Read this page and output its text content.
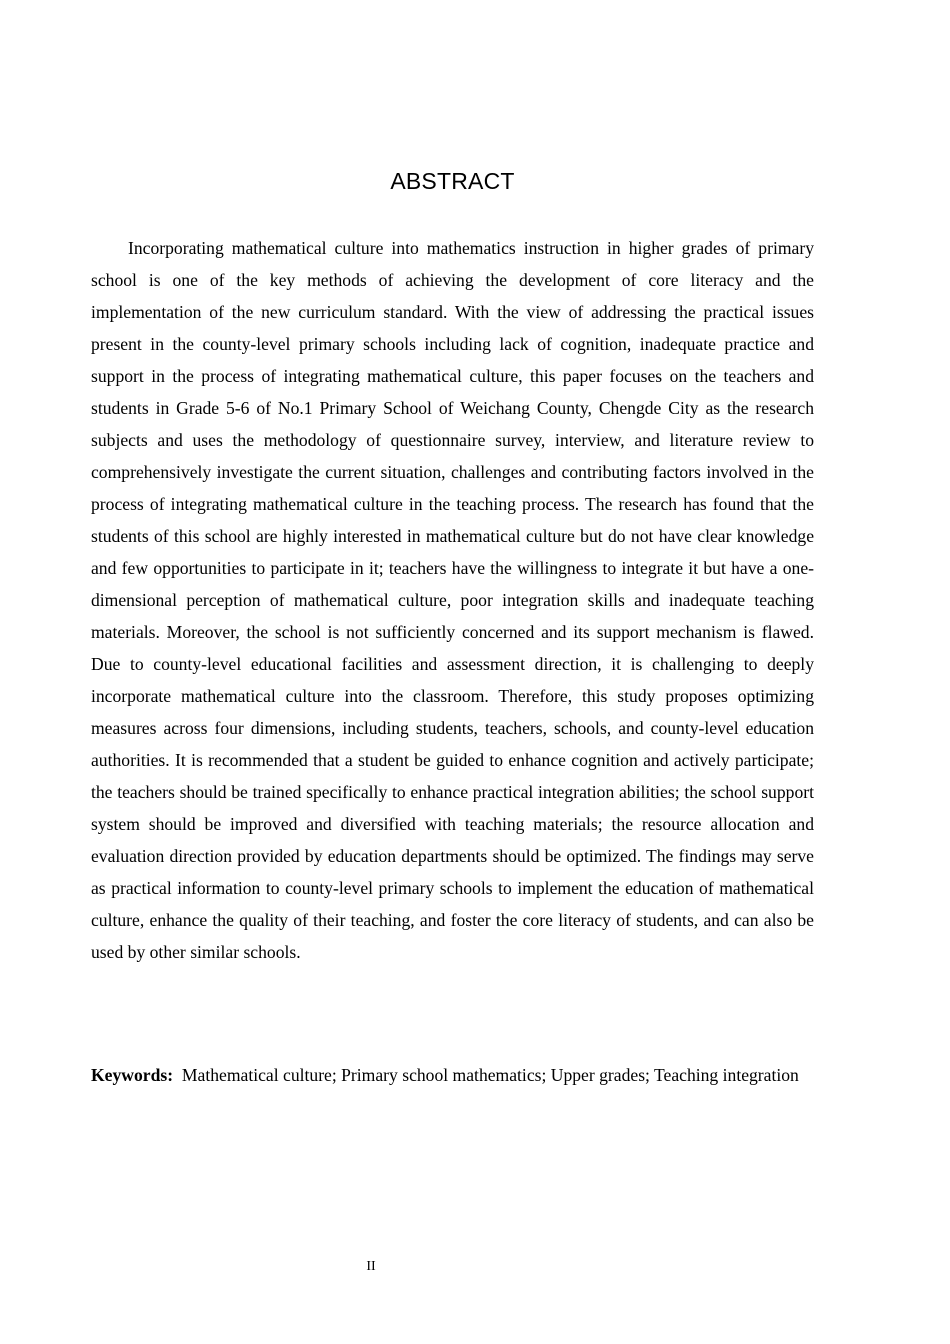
ABSTRACT

Incorporating mathematical culture into mathematics instruction in higher grades of primary school is one of the key methods of achieving the development of core literacy and the implementation of the new curriculum standard. With the view of addressing the practical issues present in the county-level primary schools including lack of cognition, inadequate practice and support in the process of integrating mathematical culture, this paper focuses on the teachers and students in Grade 5-6 of No.1 Primary School of Weichang County, Chengde City as the research subjects and uses the methodology of questionnaire survey, interview, and literature review to comprehensively investigate the current situation, challenges and contributing factors involved in the process of integrating mathematical culture in the teaching process. The research has found that the students of this school are highly interested in mathematical culture but do not have clear knowledge and few opportunities to participate in it; teachers have the willingness to integrate it but have a one-dimensional perception of mathematical culture, poor integration skills and inadequate teaching materials. Moreover, the school is not sufficiently concerned and its support mechanism is flawed. Due to county-level educational facilities and assessment direction, it is challenging to deeply incorporate mathematical culture into the classroom. Therefore, this study proposes optimizing measures across four dimensions, including students, teachers, schools, and county-level education authorities. It is recommended that a student be guided to enhance cognition and actively participate; the teachers should be trained specifically to enhance practical integration abilities; the school support system should be improved and diversified with teaching materials; the resource allocation and evaluation direction provided by education departments should be optimized. The findings may serve as practical information to county-level primary schools to implement the education of mathematical culture, enhance the quality of their teaching, and foster the core literacy of students, and can also be used by other similar schools.

Keywords: Mathematical culture; Primary school mathematics; Upper grades; Teaching integration

II
